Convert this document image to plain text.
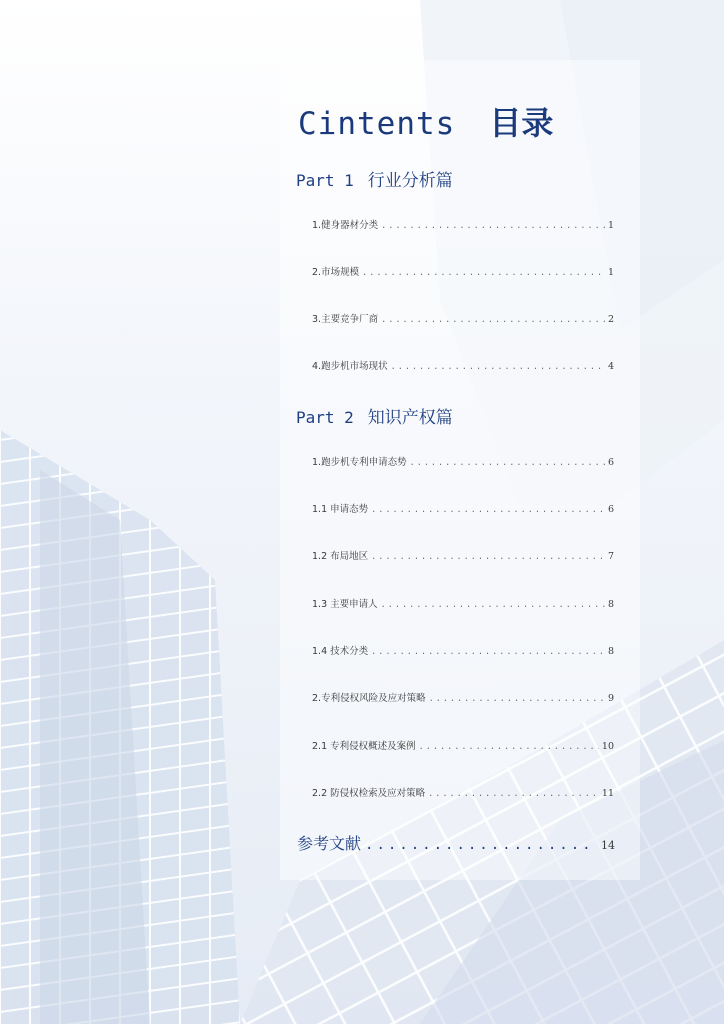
Cintents 目录
Part 1 行业分析篇
1.健身器材分类 .....	1
2.市场规模 .....	1
3.主要竞争厂商 .....	2
4.跑步机市场现状 .....	4
Part 2 知识产权篇
1.跑步机专利申请态势 .....	6
1.1 申请态势 .....	6
1.2 布局地区 .....	7
1.3 主要申请人 .....	8
1.4 技术分类 .....	8
2.专利侵权风险及应对策略 .....	9
2.1 专利侵权概述及案例 .....	10
2.2 防侵权检索及应对策略 .....	11
参考文献 .....	14
